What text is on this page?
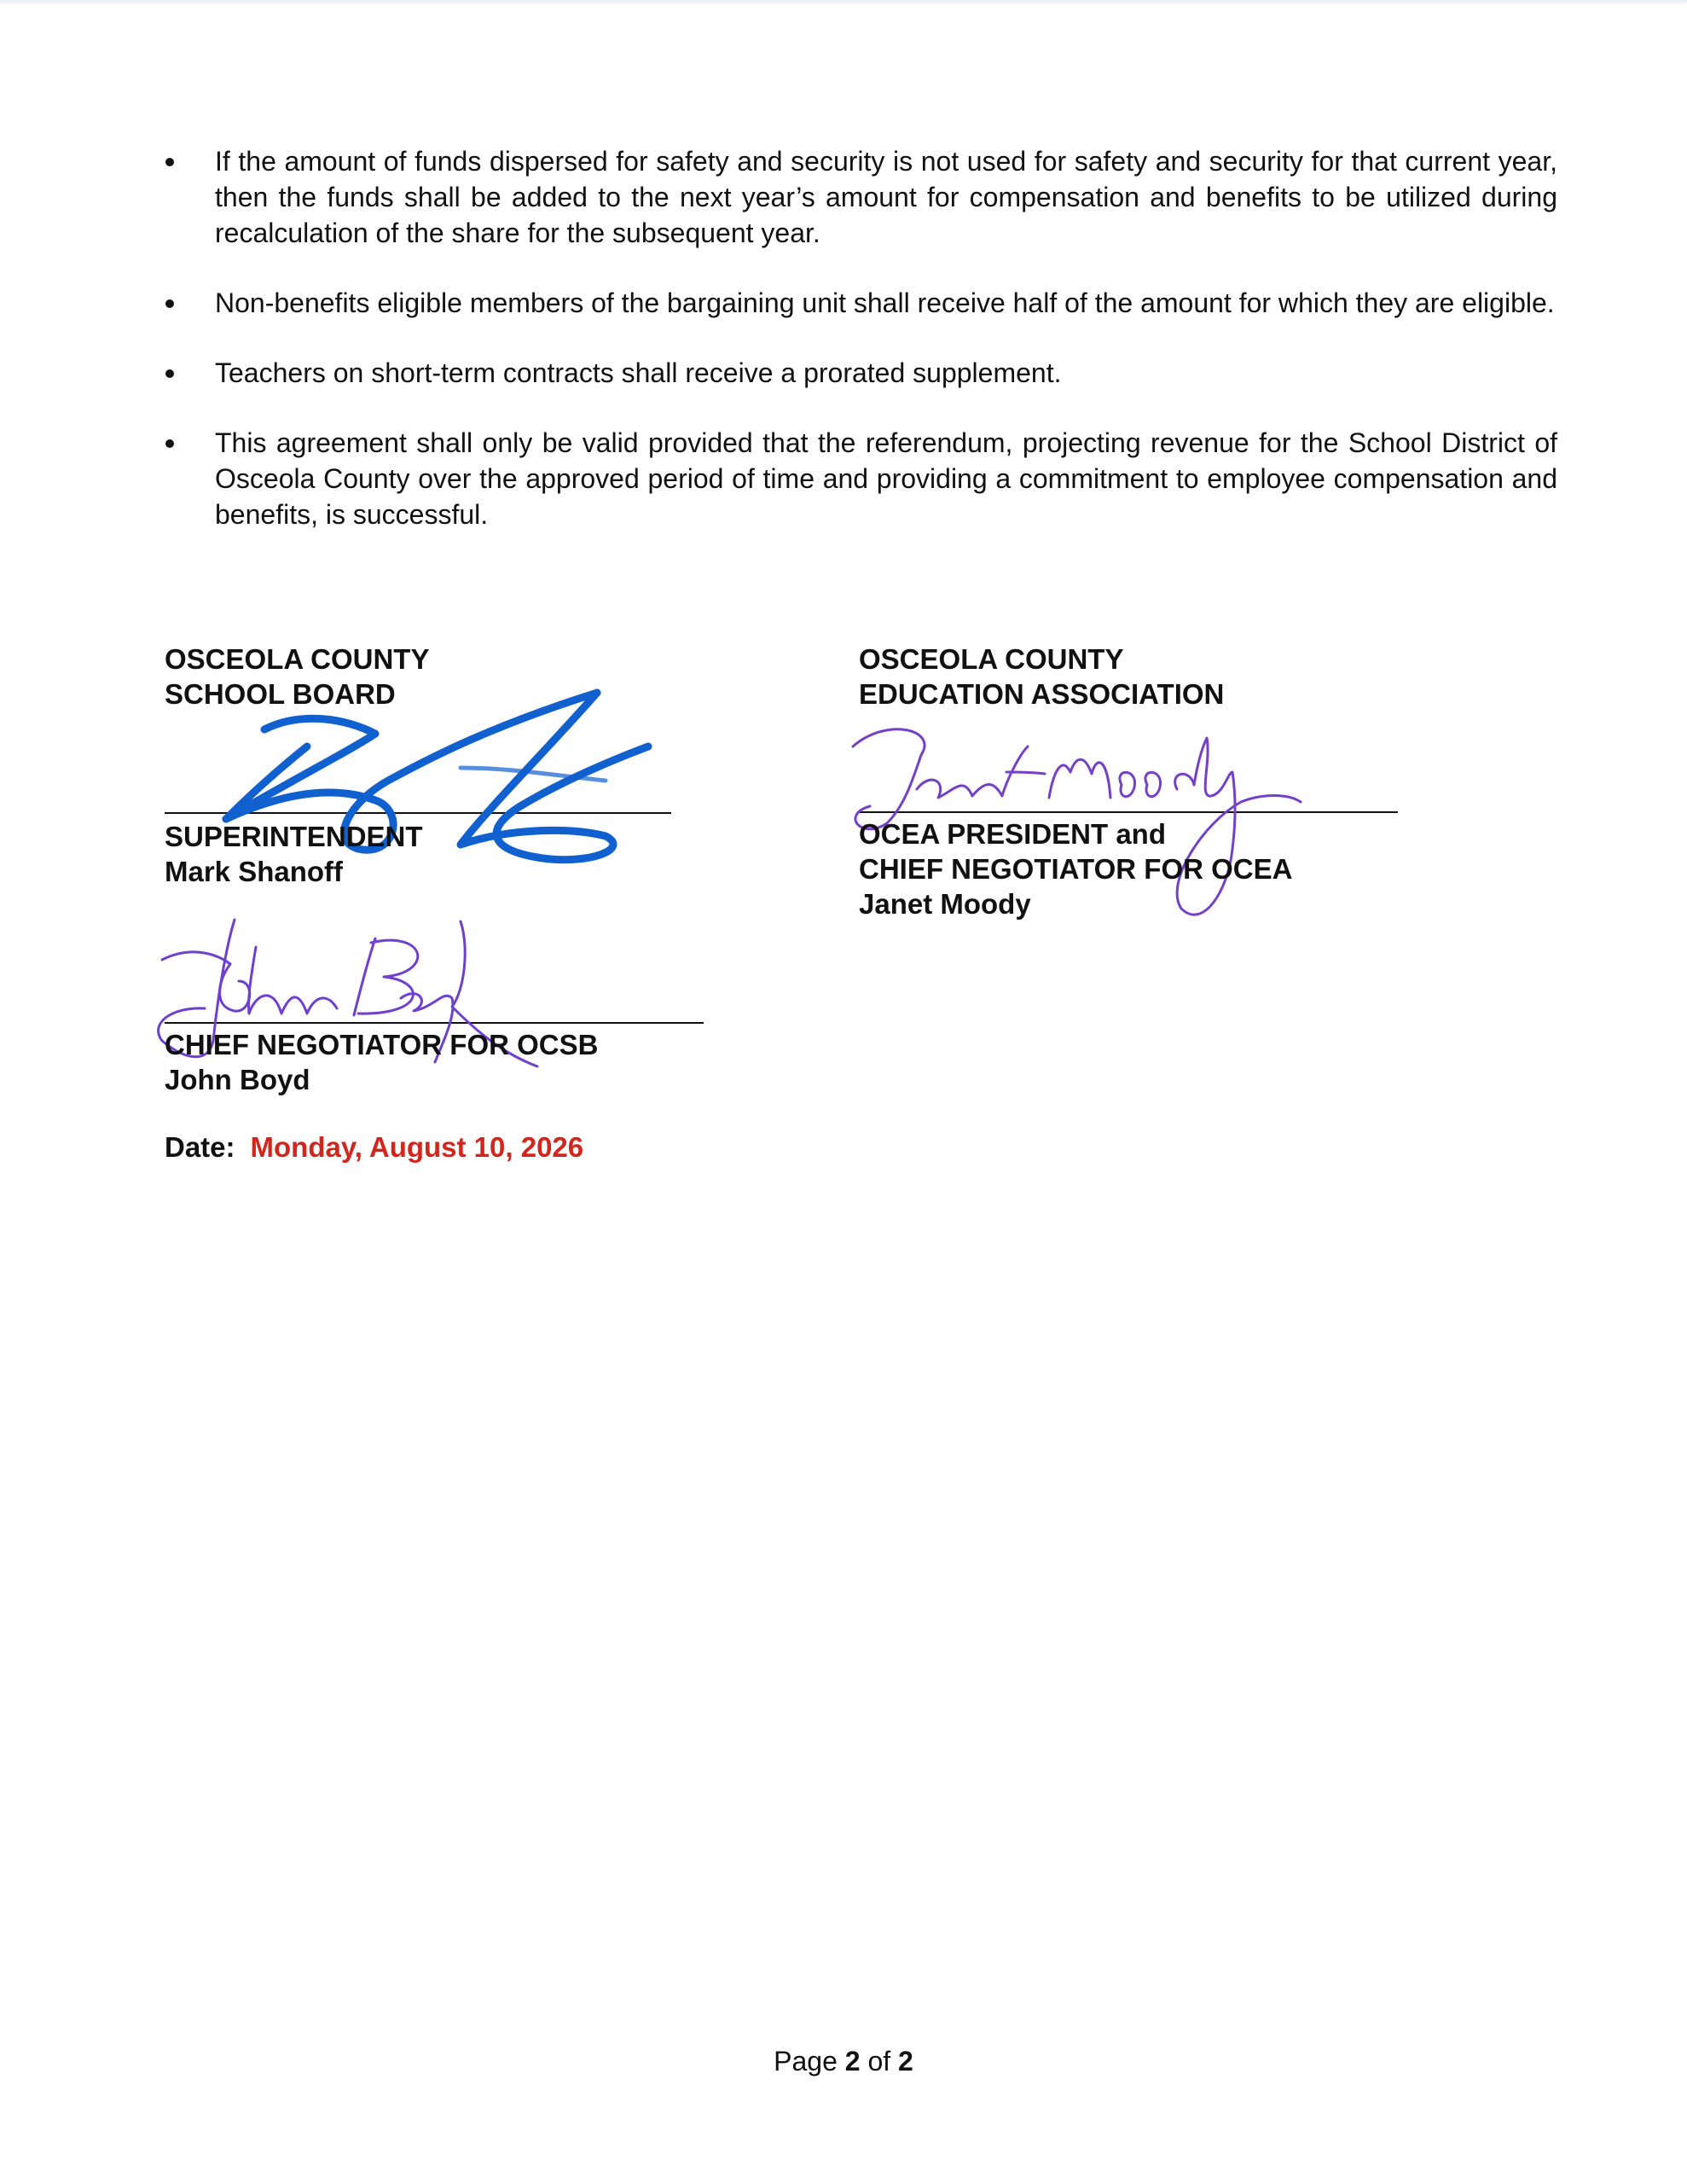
If the amount of funds dispersed for safety and security is not used for safety and security for that current year, then the funds shall be added to the next year’s amount for compensation and benefits to be utilized during recalculation of the share for the subsequent year.
Non-benefits eligible members of the bargaining unit shall receive half of the amount for which they are eligible.
Teachers on short-term contracts shall receive a prorated supplement.
This agreement shall only be valid provided that the referendum, projecting revenue for the School District of Osceola County over the approved period of time and providing a commitment to employee compensation and benefits, is successful.
OSCEOLA COUNTY
SCHOOL BOARD
SUPERINTENDENT
Mark Shanoff
CHIEF NEGOTIATOR FOR OCSB
John Boyd
OSCEOLA COUNTY
EDUCATION ASSOCIATION
OCEA PRESIDENT and
CHIEF NEGOTIATOR FOR OCEA
Janet Moody
Date: Monday, August 10, 2026
Page 2 of 2
